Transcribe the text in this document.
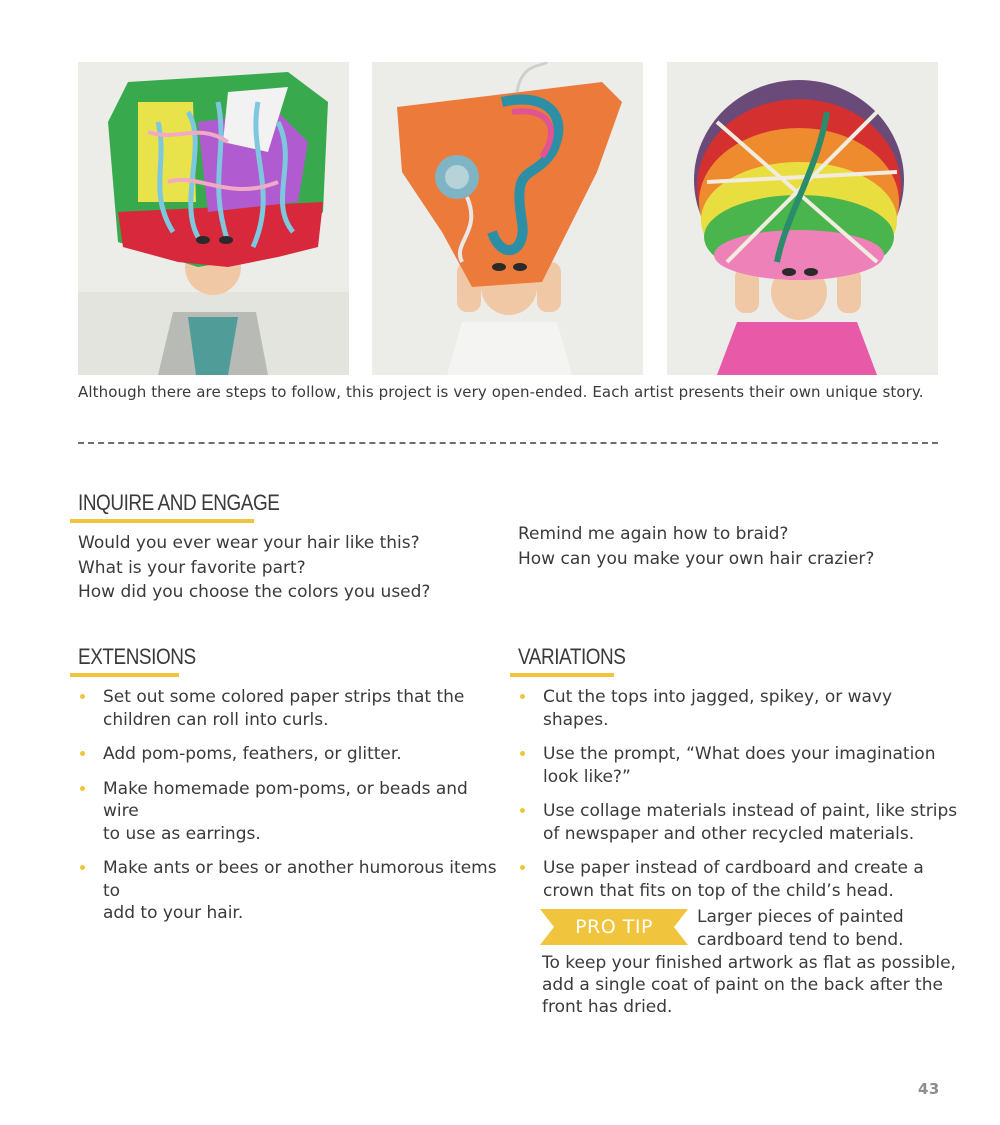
Although there are steps to follow, this project is very open-ended. Each artist presents their own unique story.
INQUIRE AND ENGAGE
Would you ever wear your hair like this?
What is your favorite part?
How did you choose the colors you used?
Remind me again how to braid?
How can you make your own hair crazier?
EXTENSIONS
Set out some colored paper strips that the
children can roll into curls.
Add pom-poms, feathers, or glitter.
Make homemade pom-poms, or beads and wire
to use as earrings.
Make ants or bees or another humorous items to
add to your hair.
VARIATIONS
Cut the tops into jagged, spikey, or wavy shapes.
Use the prompt, “What does your imagination
look like?”
Use collage materials instead of paint, like strips
of newspaper and other recycled materials.
Use paper instead of cardboard and create a
crown that fits on top of the child’s head.
PRO TIP	Larger pieces of painted
cardboard tend to bend.
To keep your finished artwork as flat as possible,
add a single coat of paint on the back after the
front has dried.
43
